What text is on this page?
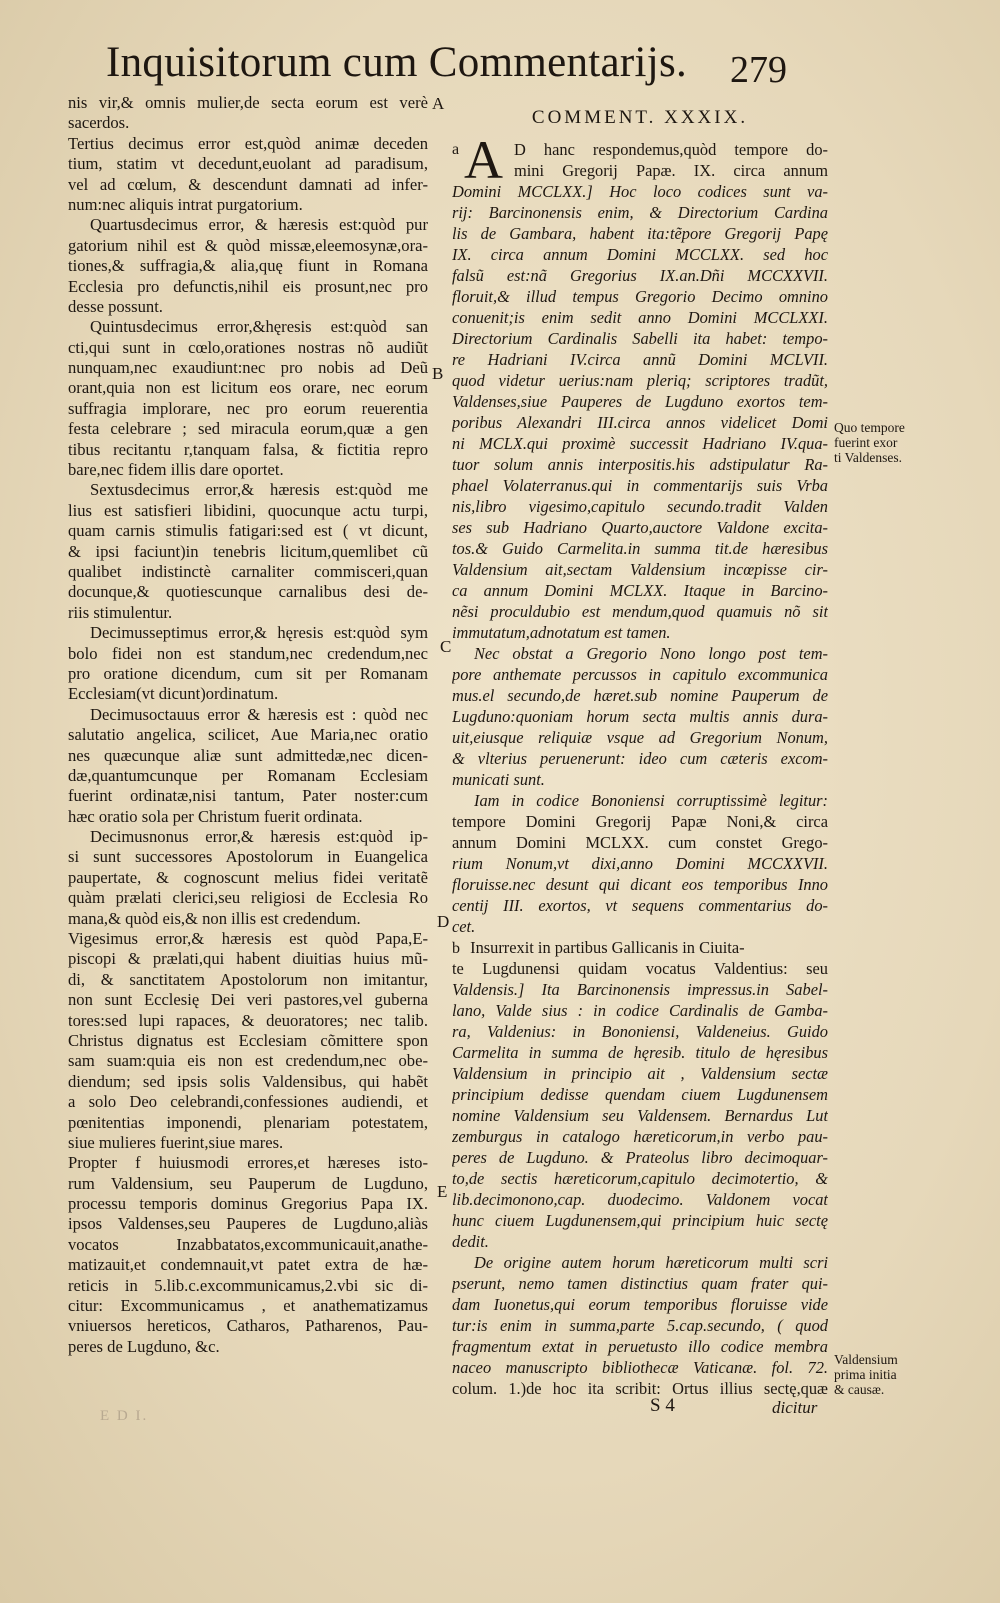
Inquisitorum cum Commentarijs. 279
nis vir,& omnis mulier,de secta eorum est verè
sacerdos.
Tertius decimus error est,quòd animæ deceden
tium, statim vt decedunt,euolant ad paradisum,
vel ad cœlum, & descendunt damnati ad infer-
num:nec aliquis intrat purgatorium.
Quartusdecimus error, & hæresis est:quòd pur
gatorium nihil est & quòd missæ,eleemosynæ,ora-
tiones,& suffragia,& alia,quę fiunt in Romana
Ecclesia pro defunctis,nihil eis prosunt,nec pro
desse possunt.
Quintusdecimus error,&hęresis est:quòd san
cti,qui sunt in cœlo,orationes nostras nõ audiũt
nunquam,nec exaudiunt:nec pro nobis ad Deũ
orant,quia non est licitum eos orare, nec eorum
suffragia implorare, nec pro eorum reuerentia
festa celebrare ; sed miracula eorum,quæ a gen
tibus recitantu r,tanquam falsa, & fictitia repro
bare,nec fidem illis dare oportet.
Sextusdecimus error,& hæresis est:quòd me
lius est satisfieri libidini, quocunque actu turpi,
quam carnis stimulis fatigari:sed est ( vt dicunt,
& ipsi faciunt)in tenebris licitum,quemlibet cũ
qualibet indistinctè carnaliter commisceri,quan
docunque,& quotiescunque carnalibus desi de-
riis stimulentur.
Decimusseptimus error,& hęresis est:quòd sym
bolo fidei non est standum,nec credendum,nec
pro oratione dicendum, cum sit per Romanam
Ecclesiam(vt dicunt)ordinatum.
Decimusoctauus error & hæresis est : quòd nec
salutatio angelica, scilicet, Aue Maria,nec oratio
nes quæcunque aliæ sunt admittedæ,nec dicen-
dæ,quantumcunque per Romanam Ecclesiam
fuerint ordinatæ,nisi tantum, Pater noster:cum
hæc oratio sola per Christum fuerit ordinata.
Decimusnonus error,& hæresis est:quòd ip-
si sunt successores Apostolorum in Euangelica
paupertate, & cognoscunt melius fidei veritatẽ
quàm prælati clerici,seu religiosi de Ecclesia Ro
mana,& quòd eis,& non illis est credendum.
Vigesimus error,& hæresis est quòd Papa,E-
piscopi & prælati,qui habent diuitias huius mũ-
di, & sanctitatem Apostolorum non imitantur,
non sunt Ecclesię Dei veri pastores,vel guberna
tores:sed lupi rapaces, & deuoratores; nec talib.
Christus dignatus est Ecclesiam cõmittere spon
sam suam:quia eis non est credendum,nec obe-
diendum; sed ipsis solis Valdensibus, qui habẽt
a solo Deo celebrandi,confessiones audiendi, et
pœnitentias imponendi, plenariam potestatem,
siue mulieres fuerint,siue mares.
Propter f huiusmodi errores,et hæreses isto-
rum Valdensium, seu Pauperum de Lugduno,
processu temporis dominus Gregorius Papa IX.
ipsos Valdenses,seu Pauperes de Lugduno,aliàs
vocatos Inzabbatatos,excommunicauit,anathe-
matizauit,et condemnauit,vt patet extra de hæ-
reticis in 5.lib.c.excommunicamus,2.vbi sic di-
citur: Excommunicamus , et anathematizamus
vniuersos hereticos, Catharos, Patharenos, Pau-
peres de Lugduno, &c.
COMMENT. XXXIX.
a A D hanc respondemus,quòd tempore do-
mini Gregorij Papæ. IX. circa annum
Domini MCCLXX.] Hoc loco codices sunt va-
rij: Barcinonensis enim, & Directorium Cardina
lis de Gambara, habent ita:tẽpore Gregorij Papę
IX. circa annum Domini MCCLXX. sed hoc
falsũ est:nã Gregorius IX.an.Dñi MCCXXVII.
floruit,& illud tempus Gregorio Decimo omnino
conuenit;is enim sedit anno Domini MCCLXXI.
Directorium Cardinalis Sabelli ita habet: tempo-
re Hadriani IV.circa annũ Domini MCLVII.
quod videtur uerius:nam pleriq; scriptores tradũt,
Valdenses,siue Pauperes de Lugduno exortos tem-
poribus Alexandri III.circa annos videlicet Domi
ni MCLX.qui proximè successit Hadriano IV.qua-
tuor solum annis interpositis.his adstipulatur Ra-
phael Volaterranus.qui in commentarijs suis Vrba
nis,libro vigesimo,capitulo secundo.tradit Valden
ses sub Hadriano Quarto,auctore Valdone excita-
tos.& Guido Carmelita.in summa tit.de hæresibus
Valdensium ait,sectam Valdensium incœpisse cir-
ca annum Domini MCLXX. Itaque in Barcino-
nẽsi proculdubio est mendum,quod quamuis nõ sit
immutatum,adnotatum est tamen.
Nec obstat a Gregorio Nono longo post tem-
pore anthemate percussos in capitulo excommunica
mus.el secundo,de hæret.sub nomine Pauperum de
Lugduno:quoniam horum secta multis annis dura-
uit,eiusque reliquiæ vsque ad Gregorium Nonum,
& vlterius peruenerunt: ideo cum cæteris excom-
municati sunt.
Iam in codice Bononiensi corruptissimè legitur:
tempore Domini Gregorij Papæ Noni,& circa
annum Domini MCLXX. cum constet Grego-
rium Nonum,vt dixi,anno Domini MCCXXVII.
floruisse.nec desunt qui dicant eos temporibus Inno
centij III. exortos, vt sequens commentarius do-
cet.
b Insurrexit in partibus Gallicanis in Ciuita-
te Lugdunensi quidam vocatus Valdentius: seu
Valdensis.] Ita Barcinonensis impressus.in Sabel-
lano, Valde sius : in codice Cardinalis de Gamba-
ra, Valdenius: in Bononiensi, Valdeneius. Guido
Carmelita in summa de hęresib. titulo de hęresibus
Valdensium in principio ait , Valdensium sectæ
principium dedisse quendam ciuem Lugdunensem
nomine Valdensium seu Valdensem. Bernardus Lut
zemburgus in catalogo hæreticorum,in verbo pau-
peres de Lugduno. & Prateolus libro decimoquar-
to,de sectis hæreticorum,capitulo decimotertio, &
lib.decimonono,cap. duodecimo. Valdonem vocat
hunc ciuem Lugdunensem,qui principium huic sectę
dedit.
De origine autem horum hæreticorum multi scri
pserunt, nemo tamen distinctius quam frater qui-
dam Iuonetus,qui eorum temporibus floruisse vide
tur:is enim in summa,parte 5.cap.secundo, ( quod
fragmentum extat in peruetusto illo codice membra
naceo manuscripto bibliothecæ Vaticanæ. fol. 72.
colum. 1.)de hoc ita scribit: Ortus illius sectę,quæ
A
B
C
D
E
Quo tempore
fuerint exor
ti Valdenses.
Valdensium
prima initia
& causæ.
S 4	dicitur
E D I.
